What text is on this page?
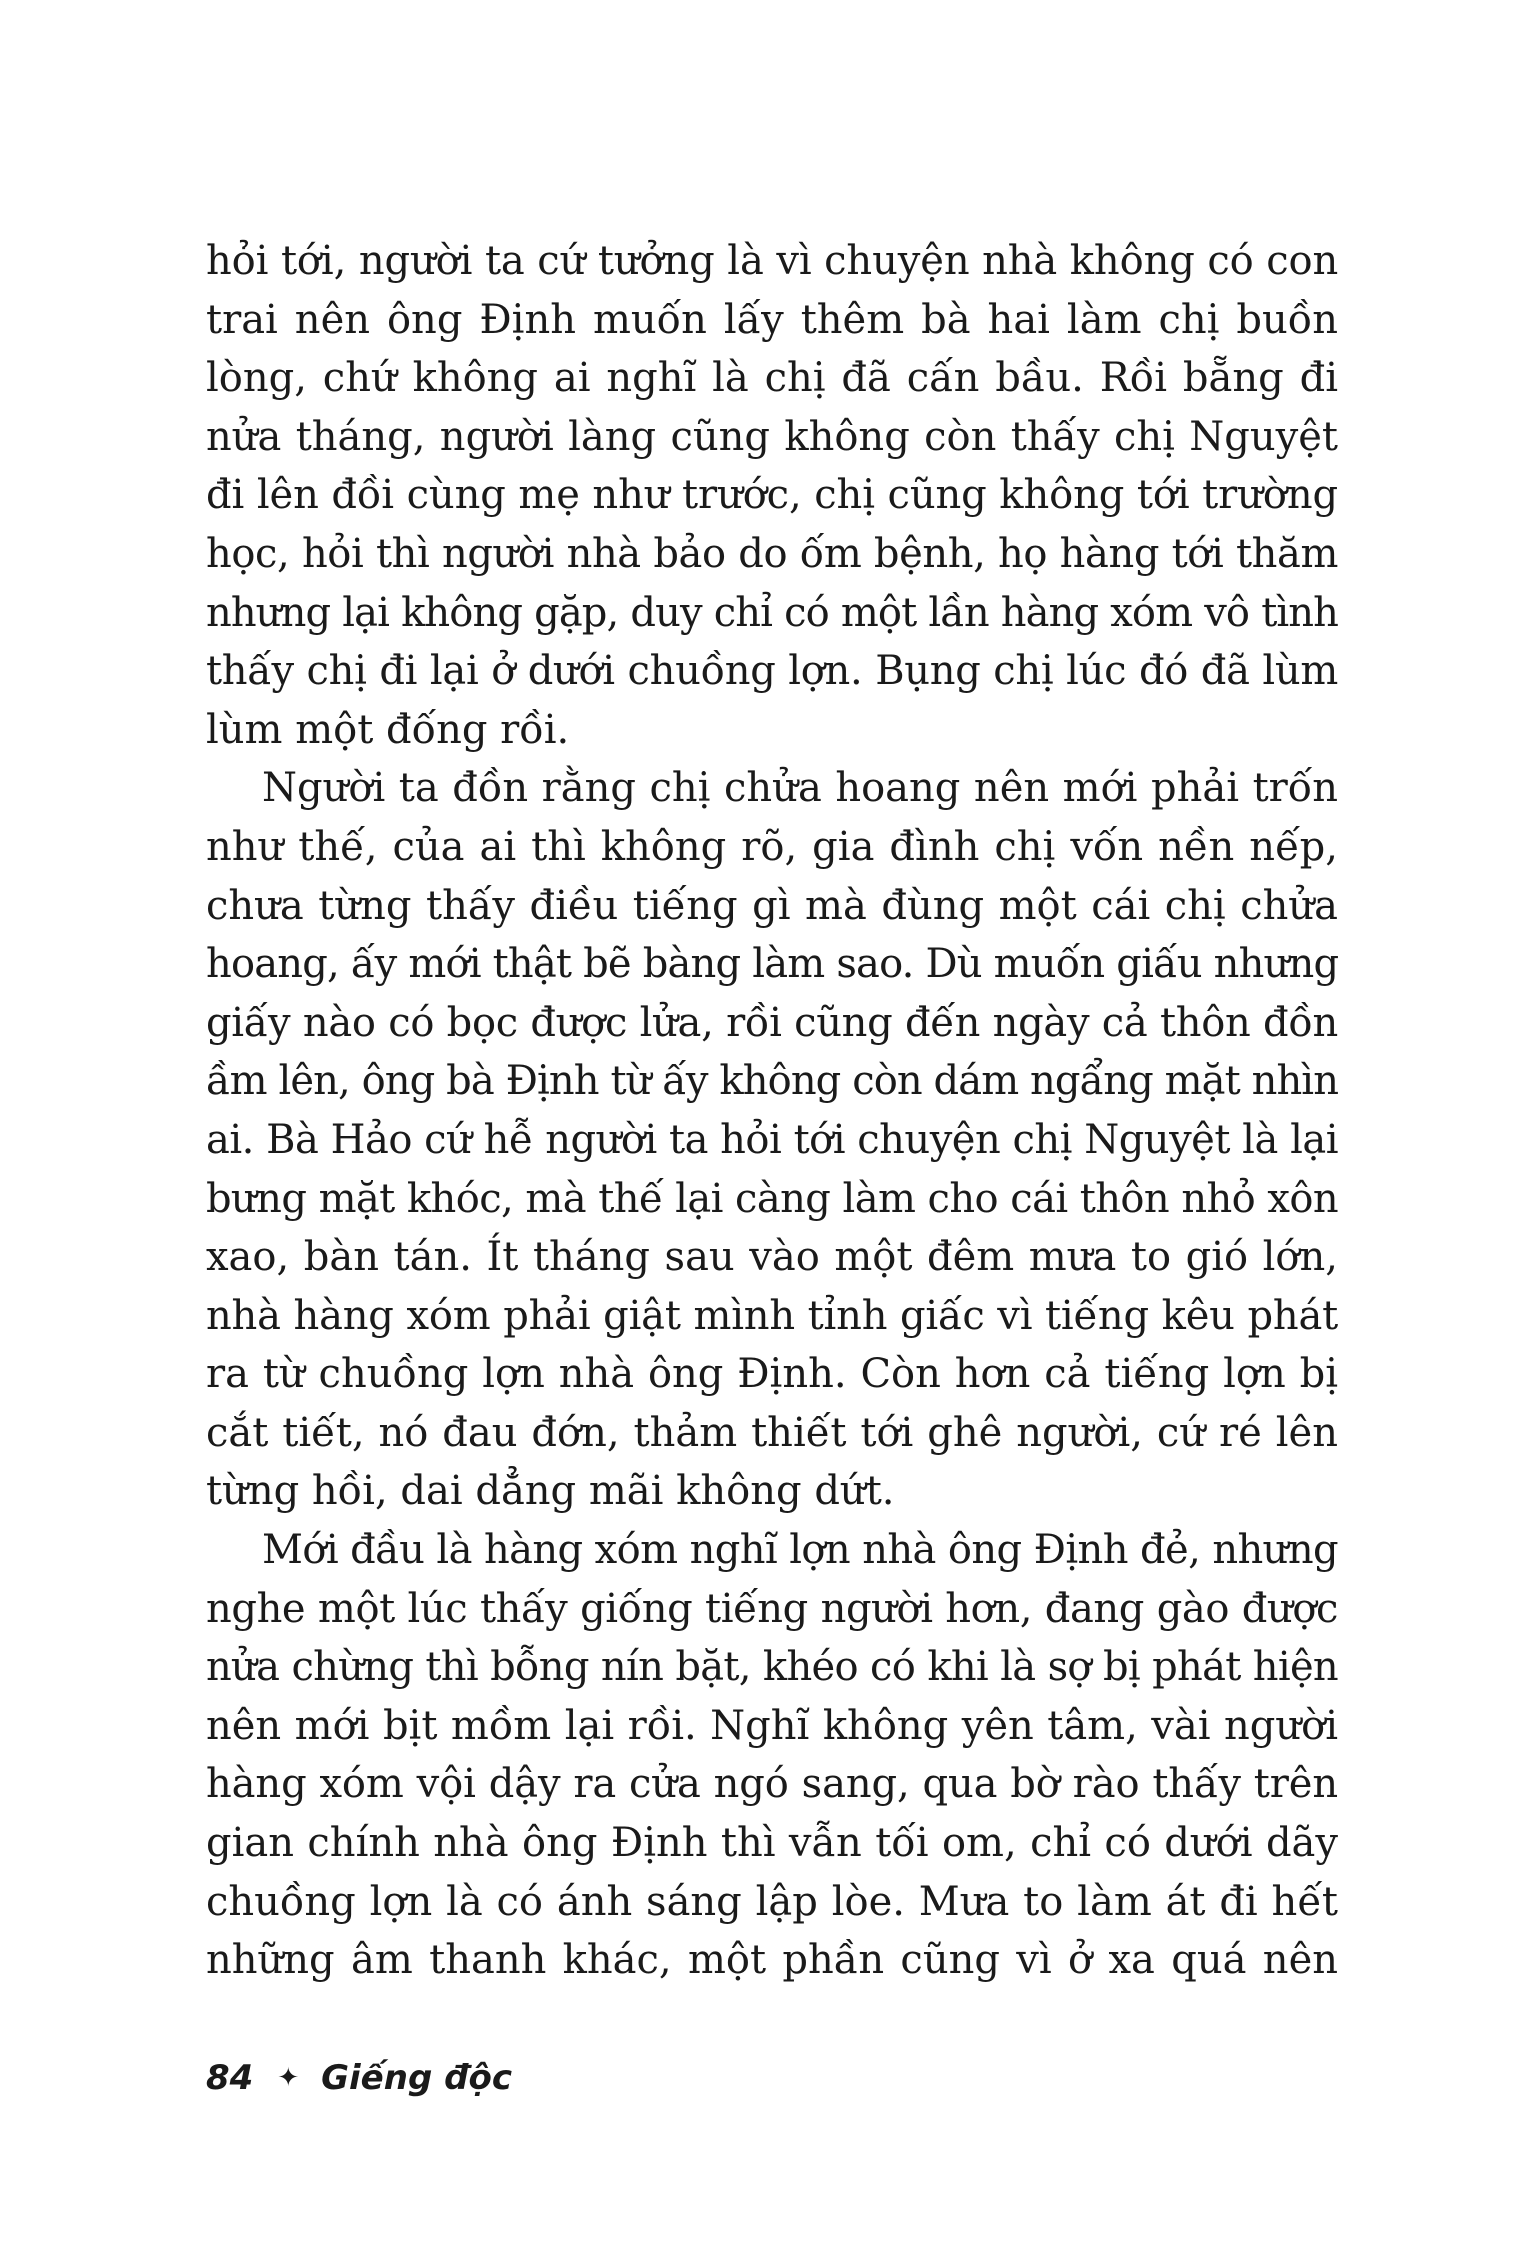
hỏi tới, người ta cứ tưởng là vì chuyện nhà không có con
trai nên ông Định muốn lấy thêm bà hai làm chị buồn
lòng, chứ không ai nghĩ là chị đã cấn bầu. Rồi bẵng đi
nửa tháng, người làng cũng không còn thấy chị Nguyệt
đi lên đồi cùng mẹ như trước, chị cũng không tới trường
học, hỏi thì người nhà bảo do ốm bệnh, họ hàng tới thăm
nhưng lại không gặp, duy chỉ có một lần hàng xóm vô tình
thấy chị đi lại ở dưới chuồng lợn. Bụng chị lúc đó đã lùm
lùm một đống rồi.
Người ta đồn rằng chị chửa hoang nên mới phải trốn
như thế, của ai thì không rõ, gia đình chị vốn nền nếp,
chưa từng thấy điều tiếng gì mà đùng một cái chị chửa
hoang, ấy mới thật bẽ bàng làm sao. Dù muốn giấu nhưng
giấy nào có bọc được lửa, rồi cũng đến ngày cả thôn đồn
ầm lên, ông bà Định từ ấy không còn dám ngẩng mặt nhìn
ai. Bà Hảo cứ hễ người ta hỏi tới chuyện chị Nguyệt là lại
bưng mặt khóc, mà thế lại càng làm cho cái thôn nhỏ xôn
xao, bàn tán. Ít tháng sau vào một đêm mưa to gió lớn,
nhà hàng xóm phải giật mình tỉnh giấc vì tiếng kêu phát
ra từ chuồng lợn nhà ông Định. Còn hơn cả tiếng lợn bị
cắt tiết, nó đau đớn, thảm thiết tới ghê người, cứ ré lên
từng hồi, dai dẳng mãi không dứt.
Mới đầu là hàng xóm nghĩ lợn nhà ông Định đẻ, nhưng
nghe một lúc thấy giống tiếng người hơn, đang gào được
nửa chừng thì bỗng nín bặt, khéo có khi là sợ bị phát hiện
nên mới bịt mồm lại rồi. Nghĩ không yên tâm, vài người
hàng xóm vội dậy ra cửa ngó sang, qua bờ rào thấy trên
gian chính nhà ông Định thì vẫn tối om, chỉ có dưới dãy
chuồng lợn là có ánh sáng lập lòe. Mưa to làm át đi hết
những âm thanh khác, một phần cũng vì ở xa quá nên
84 ✦ Giếng độc
